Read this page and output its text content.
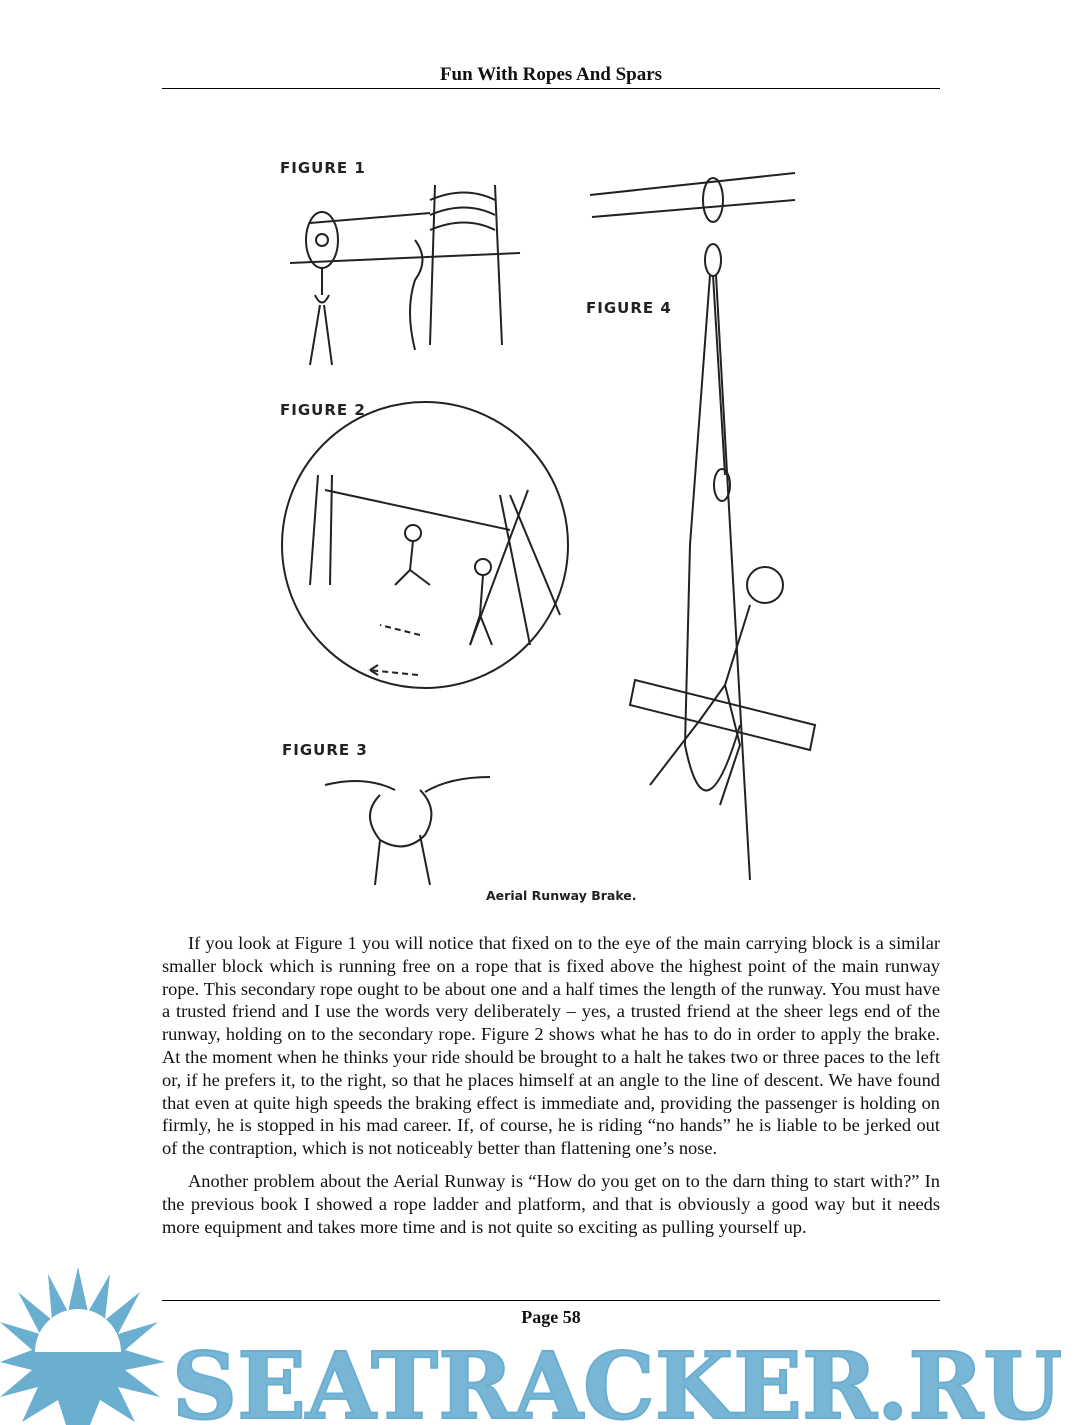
Fun With Ropes And Spars
FIGURE 1
FIGURE 2
FIGURE 3
FIGURE 4
Aerial Runway Brake.

If you look at Figure 1 you will notice that fixed on to the eye of the main carrying block is a similar smaller block which is running free on a rope that is fixed above the highest point of the main runway rope. This secondary rope ought to be about one and a half times the length of the runway. You must have a trusted friend and I use the words very deliberately – yes, a trusted friend at the sheer legs end of the runway, holding on to the secondary rope. Figure 2 shows what he has to do in order to apply the brake. At the moment when he thinks your ride should be brought to a halt he takes two or three paces to the left or, if he prefers it, to the right, so that he places himself at an angle to the line of descent. We have found that even at quite high speeds the braking effect is immediate and, providing the passenger is holding on firmly, he is stopped in his mad career. If, of course, he is riding “no hands” he is liable to be jerked out of the contraption, which is not noticeably better than flattening one’s nose.

Another problem about the Aerial Runway is “How do you get on to the darn thing to start with?” In the previous book I showed a rope ladder and platform, and that is obviously a good way but it needs more equipment and takes more time and is not quite so exciting as pulling yourself up.

Page 58
SEATRACKER.RU
